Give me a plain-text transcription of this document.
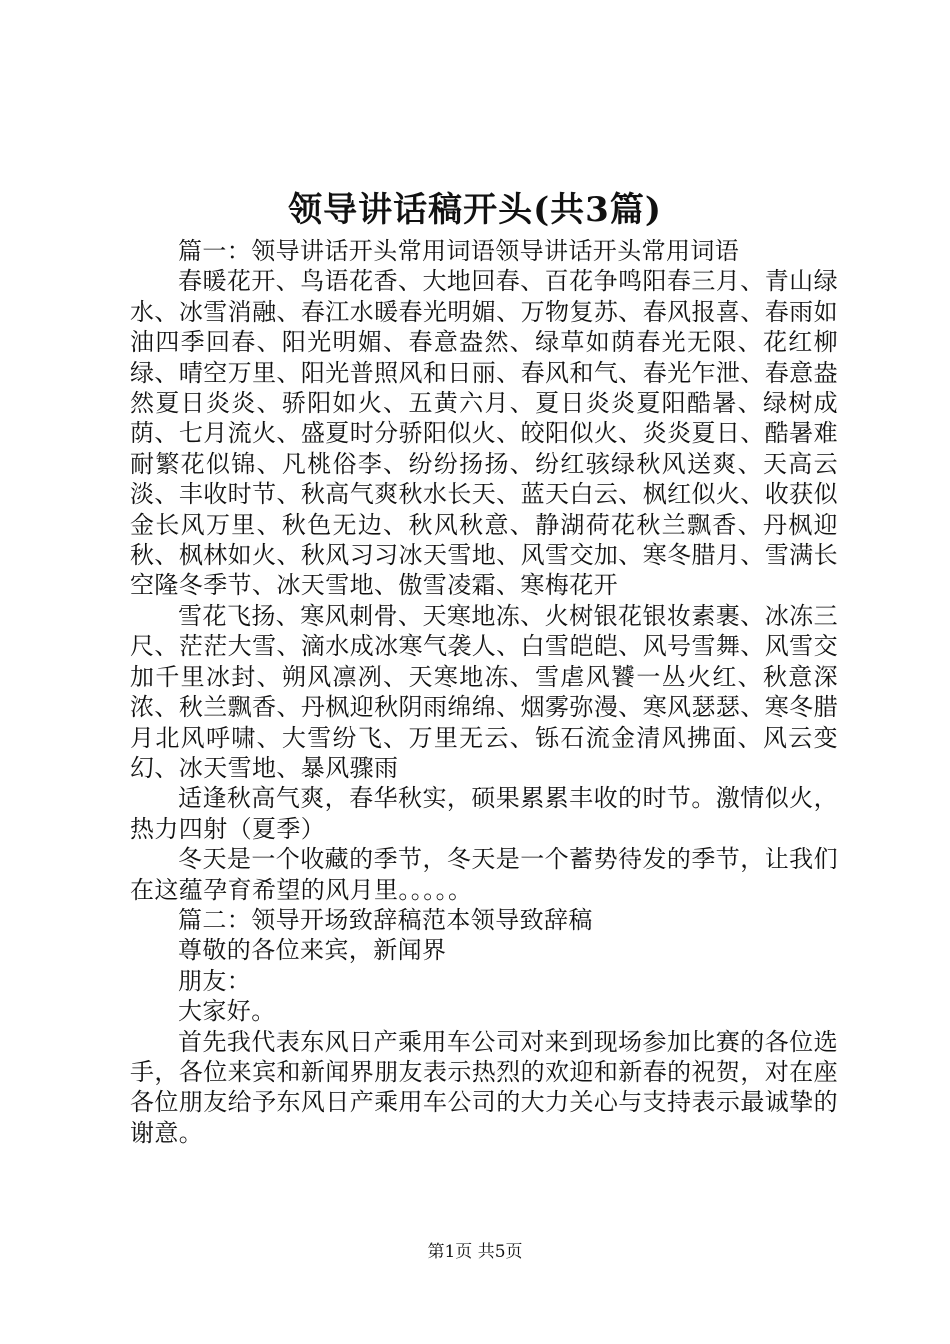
领导讲话稿开头(共3篇)

篇一：领导讲话开头常用词语领导讲话开头常用词语

春暖花开、鸟语花香、大地回春、百花争鸣阳春三月、青山绿水、冰雪消融、春江水暖春光明媚、万物复苏、春风报喜、春雨如油四季回春、阳光明媚、春意盎然、绿草如荫春光无限、花红柳绿、晴空万里、阳光普照风和日丽、春风和气、春光乍泄、春意盎然夏日炎炎、骄阳如火、五黄六月、夏日炎炎夏阳酷暑、绿树成荫、七月流火、盛夏时分骄阳似火、皎阳似火、炎炎夏日、酷暑难耐繁花似锦、凡桃俗李、纷纷扬扬、纷红骇绿秋风送爽、天高云淡、丰收时节、秋高气爽秋水长天、蓝天白云、枫红似火、收获似金长风万里、秋色无边、秋风秋意、静湖荷花秋兰飘香、丹枫迎秋、枫林如火、秋风习习冰天雪地、风雪交加、寒冬腊月、雪满长空隆冬季节、冰天雪地、傲雪凌霜、寒梅花开

雪花飞扬、寒风刺骨、天寒地冻、火树银花银妆素裹、冰冻三尺、茫茫大雪、滴水成冰寒气袭人、白雪皑皑、风号雪舞、风雪交加千里冰封、朔风凛冽、天寒地冻、雪虐风饕一丛火红、秋意深浓、秋兰飘香、丹枫迎秋阴雨绵绵、烟雾弥漫、寒风瑟瑟、寒冬腊月北风呼啸、大雪纷飞、万里无云、铄石流金清风拂面、风云变幻、冰天雪地、暴风骤雨

适逢秋高气爽，春华秋实，硕果累累丰收的时节。激情似火，热力四射（夏季）

冬天是一个收藏的季节，冬天是一个蓄势待发的季节，让我们在这蕴孕育希望的风月里。。。。。

篇二：领导开场致辞稿范本领导致辞稿

尊敬的各位来宾，新闻界

朋友：

大家好。

首先我代表东风日产乘用车公司对来到现场参加比赛的各位选手，各位来宾和新闻界朋友表示热烈的欢迎和新春的祝贺，对在座各位朋友给予东风日产乘用车公司的大力关心与支持表示最诚挚的谢意。

第1页 共5页
